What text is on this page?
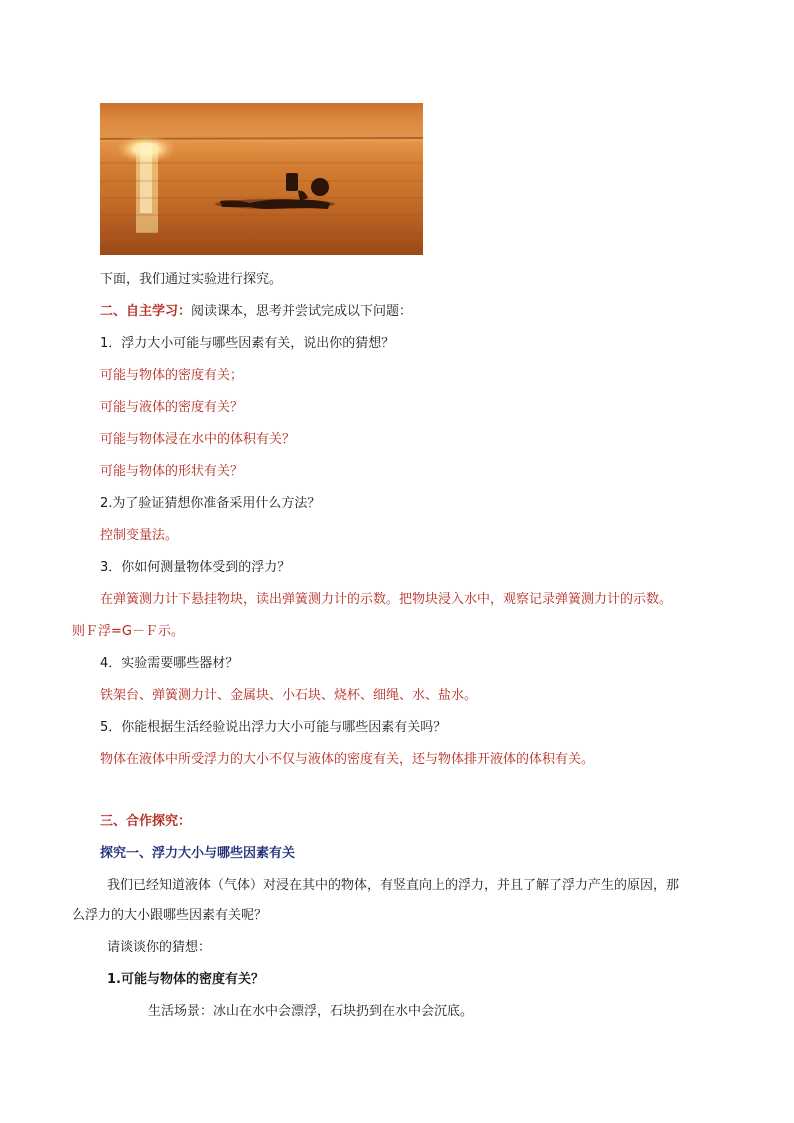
下面，我们通过实验进行探究。
二、自主学习：阅读课本，思考并尝试完成以下问题：
1．浮力大小可能与哪些因素有关，说出你的猜想？
可能与物体的密度有关；
可能与液体的密度有关？
可能与物体浸在水中的体积有关？
可能与物体的形状有关？
2.为了验证猜想你准备采用什么方法？
控制变量法。
3．你如何测量物体受到的浮力？
在弹簧测力计下悬挂物块，读出弹簧测力计的示数。把物块浸入水中，观察记录弹簧测力计的示数。
则Ｆ浮=G－Ｆ示。
4．实验需要哪些器材？
铁架台、弹簧测力计、金属块、小石块、烧杯、细绳、水、盐水。
5．你能根据生活经验说出浮力大小可能与哪些因素有关吗？
物体在液体中所受浮力的大小不仅与液体的密度有关，还与物体排开液体的体积有关。
三、合作探究：
探究一、浮力大小与哪些因素有关
我们已经知道液体（气体）对浸在其中的物体，有竖直向上的浮力，并且了解了浮力产生的原因，那
么浮力的大小跟哪些因素有关呢？
请谈谈你的猜想：
1.可能与物体的密度有关？
生活场景：冰山在水中会漂浮，石块扔到在水中会沉底。
